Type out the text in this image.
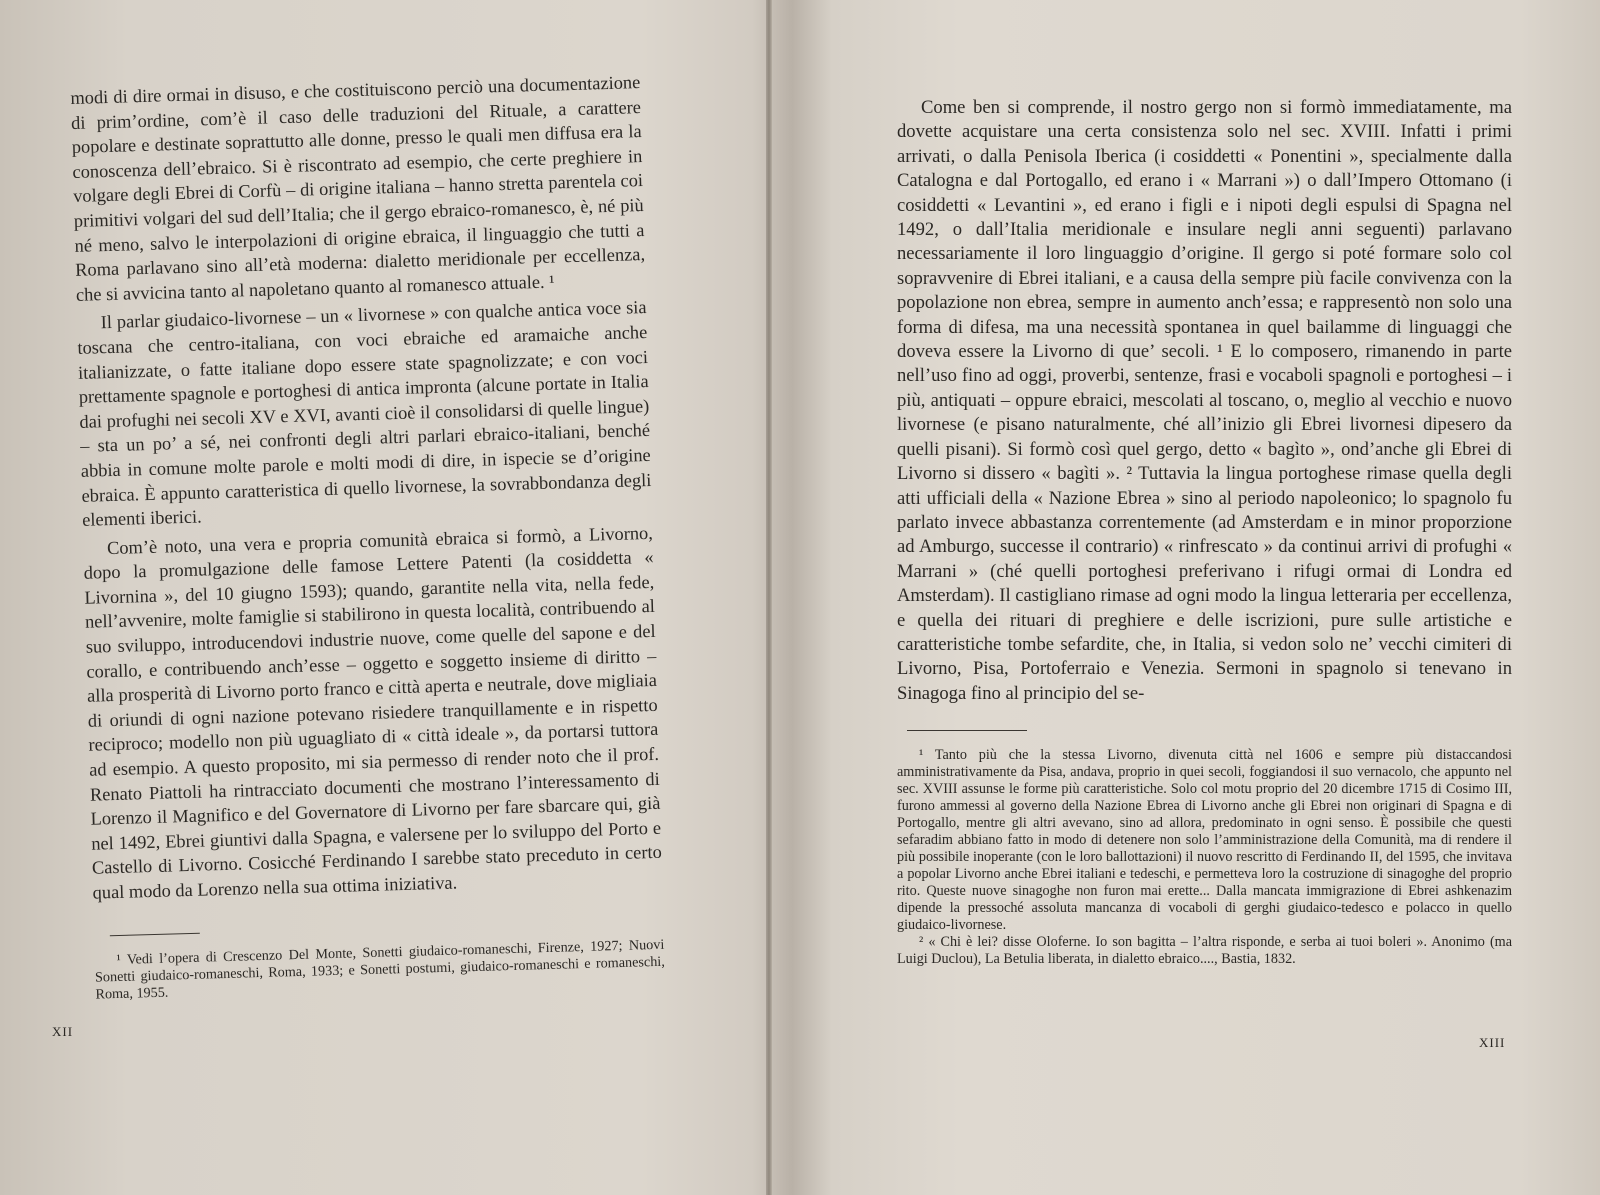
modi di dire ormai in disuso, e che costituiscono perciò una documentazione di prim’ordine, com’è il caso delle traduzioni del Rituale, a carattere popolare e destinate soprattutto alle donne, presso le quali men diffusa era la conoscenza dell’ebraico. Si è riscontrato ad esempio, che certe preghiere in volgare degli Ebrei di Corfù – di origine italiana – hanno stretta parentela coi primitivi volgari del sud dell’Italia; che il gergo ebraico-romanesco, è, né più né meno, salvo le interpolazioni di origine ebraica, il linguaggio che tutti a Roma parlavano sino all’età moderna: dialetto meridionale per eccellenza, che si avvicina tanto al napoletano quanto al romanesco attuale. ¹

Il parlar giudaico-livornese – un « livornese » con qualche antica voce sia toscana che centro-italiana, con voci ebraiche ed aramaiche anche italianizzate, o fatte italiane dopo essere state spagnolizzate; e con voci prettamente spagnole e portoghesi di antica impronta (alcune portate in Italia dai profughi nei secoli XV e XVI, avanti cioè il consolidarsi di quelle lingue) – sta un po’ a sé, nei confronti degli altri parlari ebraico-italiani, benché abbia in comune molte parole e molti modi di dire, in ispecie se d’origine ebraica. È appunto caratteristica di quello livornese, la sovrabbondanza degli elementi iberici.

Com’è noto, una vera e propria comunità ebraica si formò, a Livorno, dopo la promulgazione delle famose Lettere Patenti (la cosiddetta « Livornina », del 10 giugno 1593); quando, garantite nella vita, nella fede, nell’avvenire, molte famiglie si stabilirono in questa località, contribuendo al suo sviluppo, introducendovi industrie nuove, come quelle del sapone e del corallo, e contribuendo anch’esse – oggetto e soggetto insieme di diritto – alla prosperità di Livorno porto franco e città aperta e neutrale, dove migliaia di oriundi di ogni nazione potevano risiedere tranquillamente e in rispetto reciproco; modello non più uguagliato di « città ideale », da portarsi tuttora ad esempio. A questo proposito, mi sia permesso di render noto che il prof. Renato Piattoli ha rintracciato documenti che mostrano l’interessamento di Lorenzo il Magnifico e del Governatore di Livorno per fare sbarcare qui, già nel 1492, Ebrei giuntivi dalla Spagna, e valersene per lo sviluppo del Porto e Castello di Livorno. Cosicché Ferdinando I sarebbe stato preceduto in certo qual modo da Lorenzo nella sua ottima iniziativa.

¹ Vedi l’opera di Crescenzo Del Monte, Sonetti giudaico-romaneschi, Firenze, 1927; Nuovi Sonetti giudaico-romaneschi, Roma, 1933; e Sonetti postumi, giudaico-romaneschi e romaneschi, Roma, 1955.

XII

Come ben si comprende, il nostro gergo non si formò immediatamente, ma dovette acquistare una certa consistenza solo nel sec. XVIII. Infatti i primi arrivati, o dalla Penisola Iberica (i cosiddetti « Ponentini », specialmente dalla Catalogna e dal Portogallo, ed erano i « Marrani ») o dall’Impero Ottomano (i cosiddetti « Levantini », ed erano i figli e i nipoti degli espulsi di Spagna nel 1492, o dall’Italia meridionale e insulare negli anni seguenti) parlavano necessariamente il loro linguaggio d’origine. Il gergo si poté formare solo col sopravvenire di Ebrei italiani, e a causa della sempre più facile convivenza con la popolazione non ebrea, sempre in aumento anch’essa; e rappresentò non solo una forma di difesa, ma una necessità spontanea in quel bailamme di linguaggi che doveva essere la Livorno di que’ secoli. ¹ E lo composero, rimanendo in parte nell’uso fino ad oggi, proverbi, sentenze, frasi e vocaboli spagnoli e portoghesi – i più, antiquati – oppure ebraici, mescolati al toscano, o, meglio al vecchio e nuovo livornese (e pisano naturalmente, ché all’inizio gli Ebrei livornesi dipesero da quelli pisani). Si formò così quel gergo, detto « bagìto », ond’anche gli Ebrei di Livorno si dissero « bagìti ». ² Tuttavia la lingua portoghese rimase quella degli atti ufficiali della « Nazione Ebrea » sino al periodo napoleonico; lo spagnolo fu parlato invece abbastanza correntemente (ad Amsterdam e in minor proporzione ad Amburgo, successe il contrario) « rinfrescato » da continui arrivi di profughi « Marrani » (ché quelli portoghesi preferivano i rifugi ormai di Londra ed Amsterdam). Il castigliano rimase ad ogni modo la lingua letteraria per eccellenza, e quella dei rituari di preghiere e delle iscrizioni, pure sulle artistiche e caratteristiche tombe sefardite, che, in Italia, si vedon solo ne’ vecchi cimiteri di Livorno, Pisa, Portoferraio e Venezia. Sermoni in spagnolo si tenevano in Sinagoga fino al principio del se-

¹ Tanto più che la stessa Livorno, divenuta città nel 1606 e sempre più distaccandosi amministrativamente da Pisa, andava, proprio in quei secoli, foggiandosi il suo vernacolo, che appunto nel sec. XVIII assunse le forme più caratteristiche. Solo col motu proprio del 20 dicembre 1715 di Cosimo III, furono ammessi al governo della Nazione Ebrea di Livorno anche gli Ebrei non originari di Spagna e di Portogallo, mentre gli altri avevano, sino ad allora, predominato in ogni senso. È possibile che questi sefaradim abbiano fatto in modo di detenere non solo l’amministrazione della Comunità, ma di rendere il più possibile inoperante (con le loro ballottazioni) il nuovo rescritto di Ferdinando II, del 1595, che invitava a popolar Livorno anche Ebrei italiani e tedeschi, e permetteva loro la costruzione di sinagoghe del proprio rito. Queste nuove sinagoghe non furon mai erette... Dalla mancata immigrazione di Ebrei ashkenazim dipende la pressoché assoluta mancanza di vocaboli di gerghi giudaico-tedesco e polacco in quello giudaico-livornese.

² « Chi è lei? disse Oloferne. Io son bagitta – l’altra risponde, e serba ai tuoi boleri ». Anonimo (ma Luigi Duclou), La Betulia liberata, in dialetto ebraico...., Bastia, 1832.

XIII
